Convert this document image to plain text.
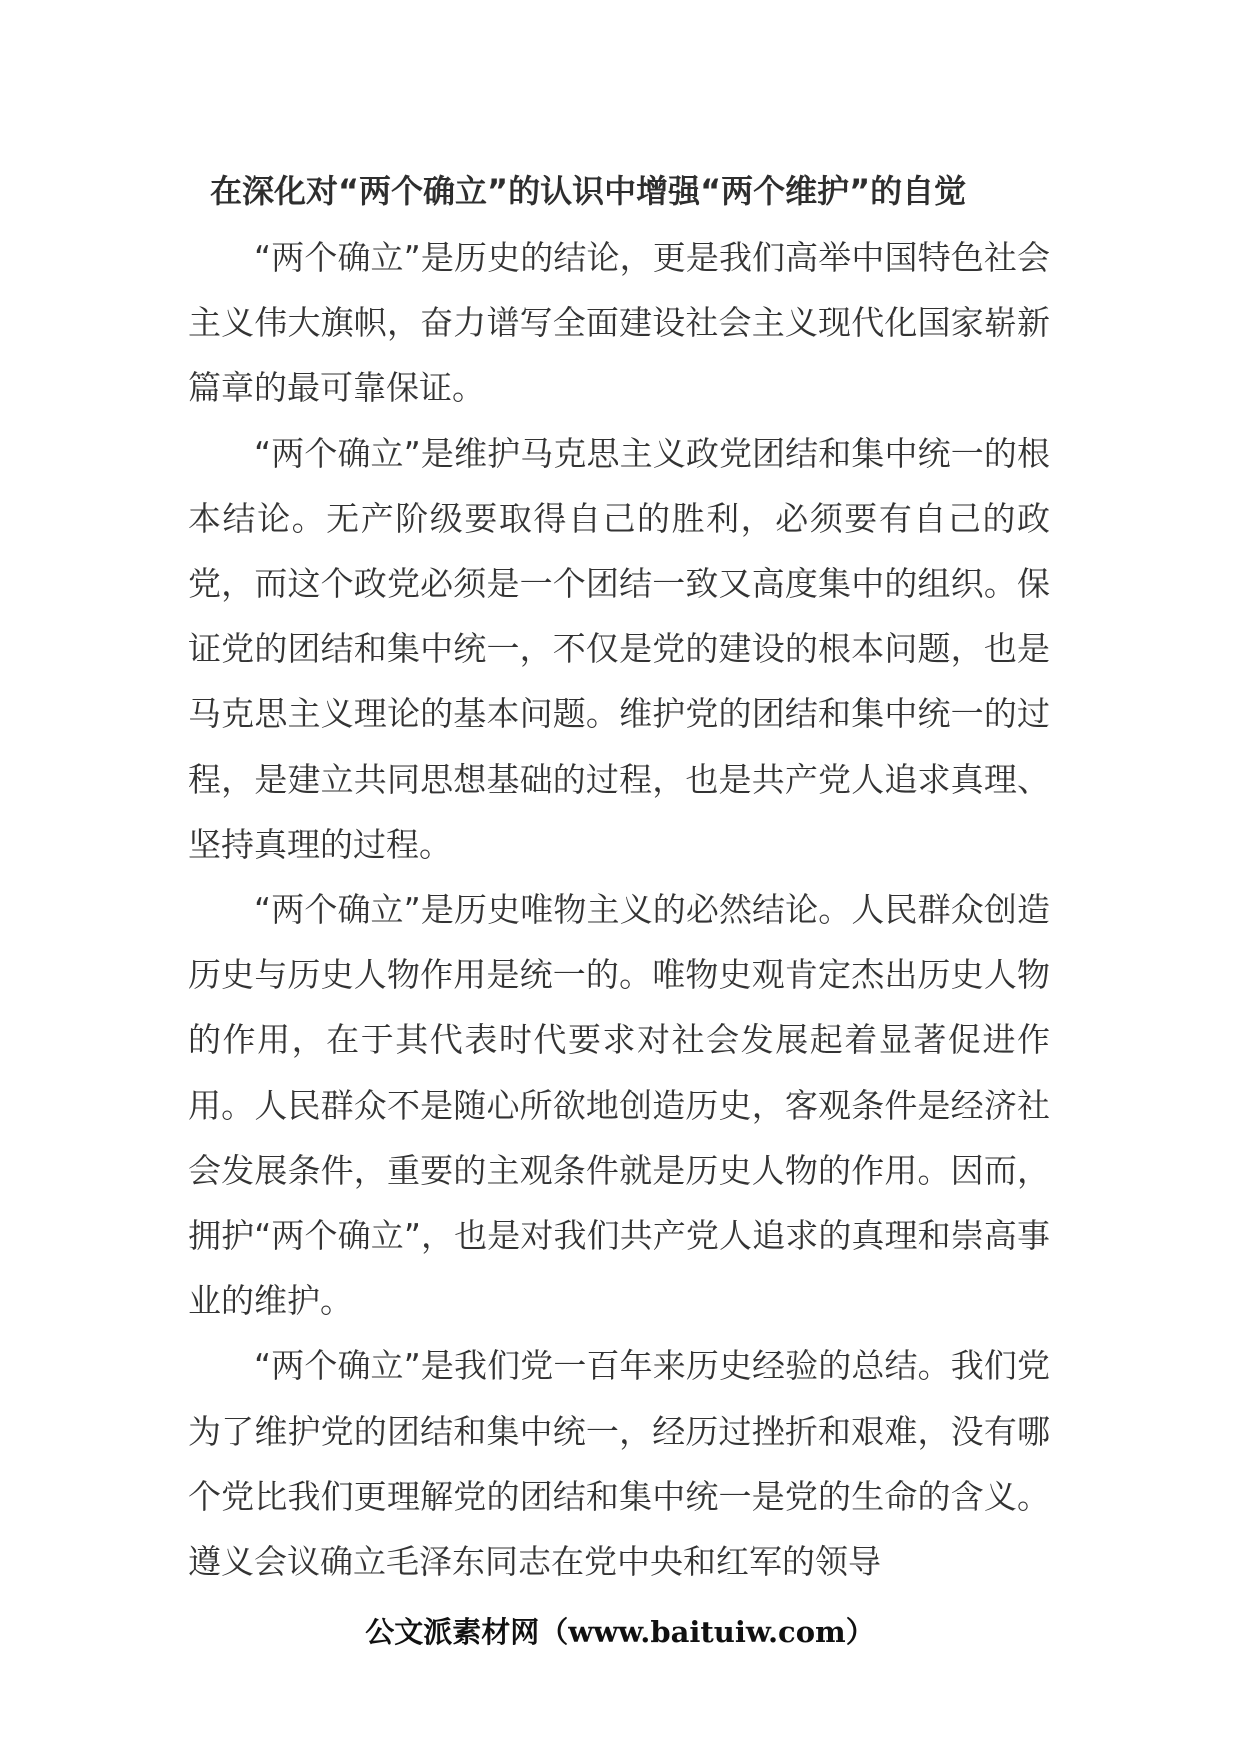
在深化对“两个确立”的认识中增强“两个维护”的自觉

“两个确立”是历史的结论，更是我们高举中国特色社会主义伟大旗帜，奋力谱写全面建设社会主义现代化国家崭新篇章的最可靠保证。

“两个确立”是维护马克思主义政党团结和集中统一的根本结论。无产阶级要取得自己的胜利，必须要有自己的政党，而这个政党必须是一个团结一致又高度集中的组织。保证党的团结和集中统一，不仅是党的建设的根本问题，也是马克思主义理论的基本问题。维护党的团结和集中统一的过程，是建立共同思想基础的过程，也是共产党人追求真理、坚持真理的过程。

“两个确立”是历史唯物主义的必然结论。人民群众创造历史与历史人物作用是统一的。唯物史观肯定杰出历史人物的作用，在于其代表时代要求对社会发展起着显著促进作用。人民群众不是随心所欲地创造历史，客观条件是经济社会发展条件，重要的主观条件就是历史人物的作用。因而，拥护“两个确立”，也是对我们共产党人追求的真理和崇高事业的维护。

“两个确立”是我们党一百年来历史经验的总结。我们党为了维护党的团结和集中统一，经历过挫折和艰难，没有哪个党比我们更理解党的团结和集中统一是党的生命的含义。遵义会议确立毛泽东同志在党中央和红军的领导

公文派素材网（www.baituiw.com）
